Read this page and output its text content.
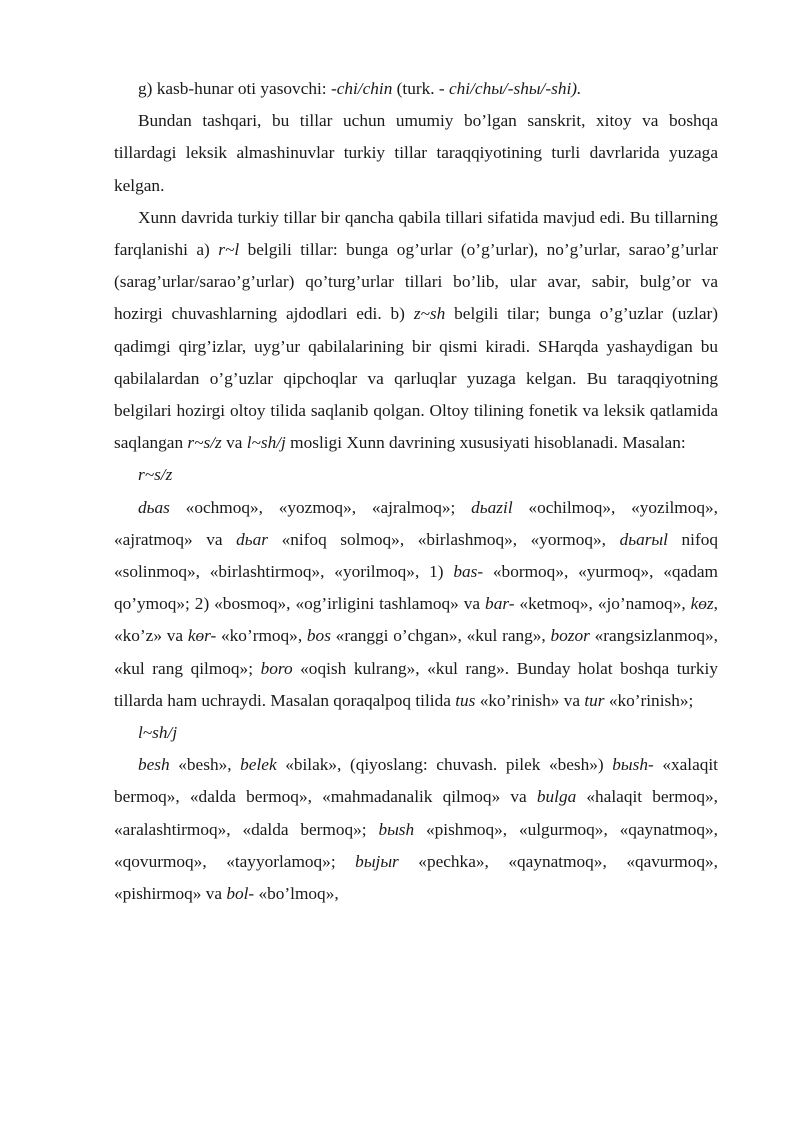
g) kasb-hunar oti yasovchi: -chi/chin (turk. - chi/chы/-shы/-shi).

Bundan tashqari, bu tillar uchun umumiy bo’lgan sanskrit, xitoy va boshqa tillardagi leksik almashinuvlar turkiy tillar taraqqiyotining turli davrlarida yuzaga kelgan.

Xunn davrida turkiy tillar bir qancha qabila tillari sifatida mavjud edi. Bu tillarning farqlanishi a) r~l belgili tillar: bunga og’urlar (o’g’urlar), no’g’urlar, sarao’g’urlar (sarag’urlar/sarao’g’urlar) qo’turg’urlar tillari bo’lib, ular avar, sabir, bulg’or va hozirgi chuvashlarning ajdodlari edi. b) z~sh belgili tilar; bunga o’g’uzlar (uzlar) qadimgi qirg’izlar, uyg’ur qabilalarining bir qismi kiradi. SHarqda yashaydigan bu qabilalardan o’g’uzlar qipchoqlar va qarluqlar yuzaga kelgan. Bu taraqqiyotning belgilari hozirgi oltoy tilida saqlanib qolgan. Oltoy tilining fonetik va leksik qatlamida saqlangan r~s/z va l~sh/j mosligi Xunn davrining xususiyati hisoblanadi. Masalan:

r~s/z

dьas «ochmoq», «yozmoq», «ajralmoq»; dьazil «ochilmoq», «yozilmoq», «ajratmoq» va dьar «nifoq solmoq», «birlashmoq», «yormoq», dьarыl nifoq «solinmoq», «birlashtirmoq», «yorilmoq», 1) bas- «bormoq», «yurmoq», «qadam qo’ymoq»; 2) «bosmoq», «og’irligini tashlamoq» va bar- «ketmoq», «jo’namoq», kөz, «ko’z» va kөr- «ko’rmoq», bos «ranggi o’chgan», «kul rang», bozor «rangsizlanmoq», «kul rang qilmoq»; boro «oqish kulrang», «kul rang». Bunday holat boshqa turkiy tillarda ham uchraydi. Masalan qoraqalpoq tilida tus «ko’rinish» va tur «ko’rinish»;

l~sh/j

besh «besh», belek «bilak», (qiyoslang: chuvash. pilek «besh») bыsh- «xalaqit bermoq», «dalda bermoq», «mahmadanalik qilmoq» va bulga «halaqit bermoq», «aralashtirmoq», «dalda bermoq»; bыsh «pishmoq», «ulgurmoq», «qaynatmoq», «qovurmoq», «tayyorlamoq»; bыjыr «pechka», «qaynatmoq», «qavurmoq», «pishirmoq» va bol- «bo’lmoq»,
